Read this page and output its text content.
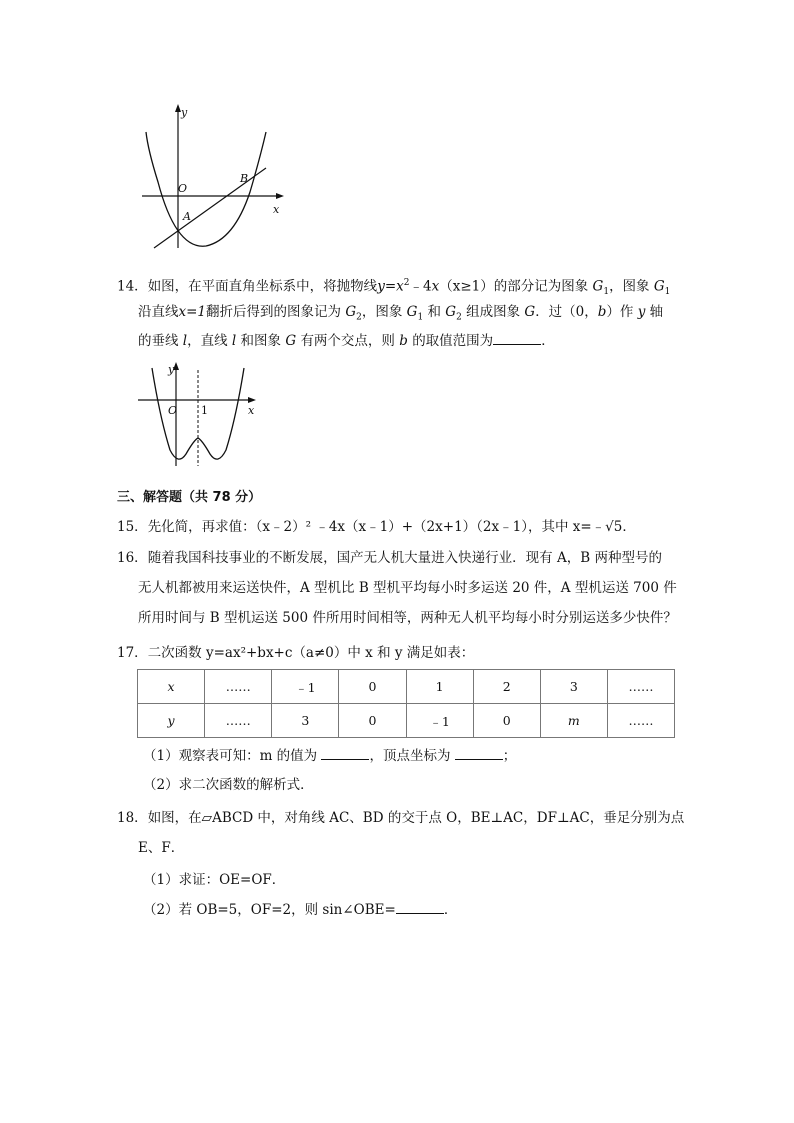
y
O
B
A
x
14．如图，在平面直角坐标系中，将抛物线$y=x^2﹣4x(x\ge 1)$的部分记为图象 $G_1$，图象 $G_1$
沿直线x=1翻折后得到的图象记为 $G_2$，图象 $G_1$ 和 $G_2$ 组成图象 G．过（0，b）作 y 轴
的垂线 l，直线 l 和图象 G 有两个交点，则 b 的取值范围为	．
y
O 1	x
三、解答题（共 78 分）
15．先化简，再求值：（x﹣2）² ﹣4x（x﹣1）+（2x+1）（2x﹣1），其中 x=﹣√5．
16．随着我国科技事业的不断发展，国产无人机大量进入快递行业．现有 A，B 两种型号的
无人机都被用来运送快件，A 型机比 B 型机平均每小时多运送 20 件，A 型机运送 700 件
所用时间与 B 型机运送 500 件所用时间相等，两种无人机平均每小时分别运送多少快件？
17．二次函数 y=ax²+bx+c（a≠0）中 x 和 y 满足如表：
x	……	﹣1	0	1	2	3	……
y	……	3	0	﹣1	0	m	……
（1）观察表可知：m 的值为	，顶点坐标为	；
（2）求二次函数的解析式．
18．如图，在▱ABCD 中，对角线 AC、BD 的交于点 O，BE⊥AC，DF⊥AC，垂足分别为点
E、F．
（1）求证：OE=OF．
（2）若 OB=5，OF=2，则 sin∠OBE=	．
